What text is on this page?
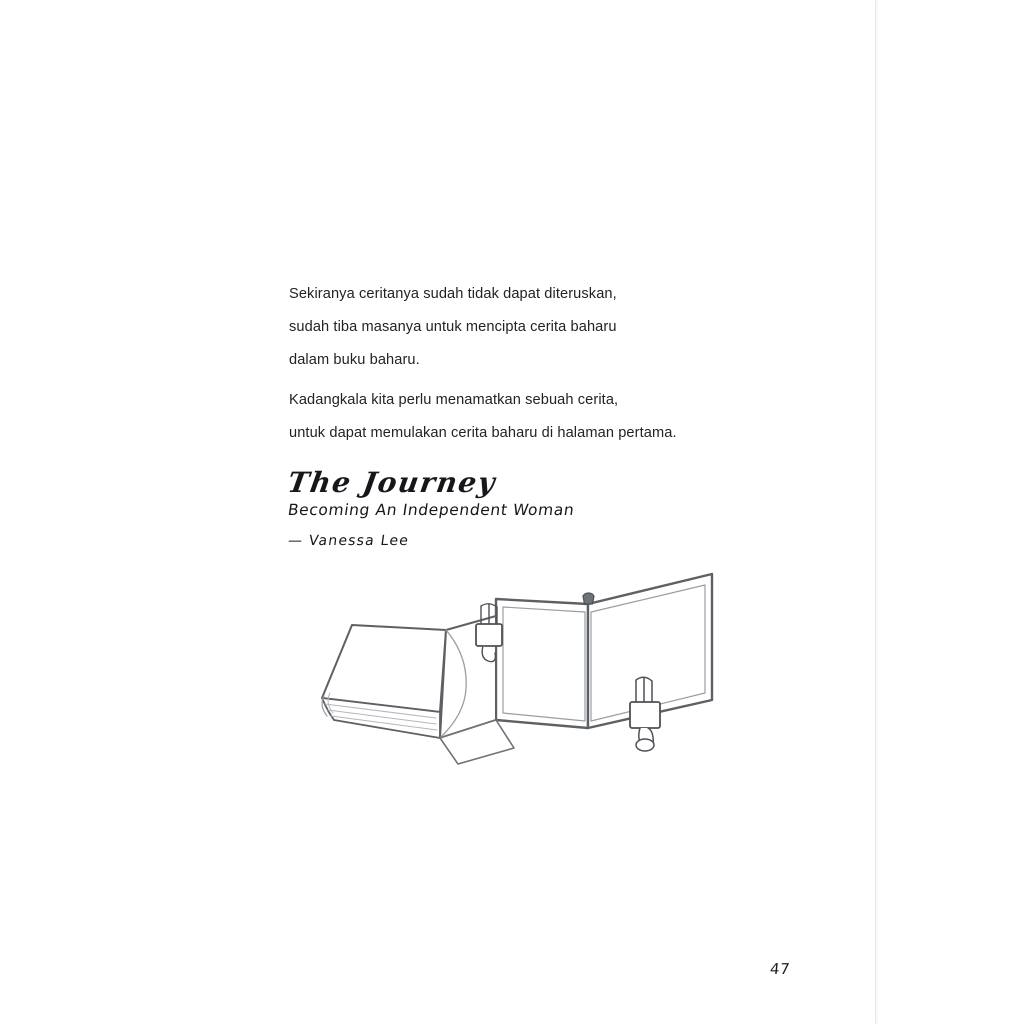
Sekiranya ceritanya sudah tidak dapat diteruskan,
sudah tiba masanya untuk mencipta cerita baharu
dalam buku baharu.
Kadangkala kita perlu menamatkan sebuah cerita,
untuk dapat memulakan cerita baharu di halaman pertama.
The Journey
Becoming An Independent Woman
— Vanessa Lee
47
